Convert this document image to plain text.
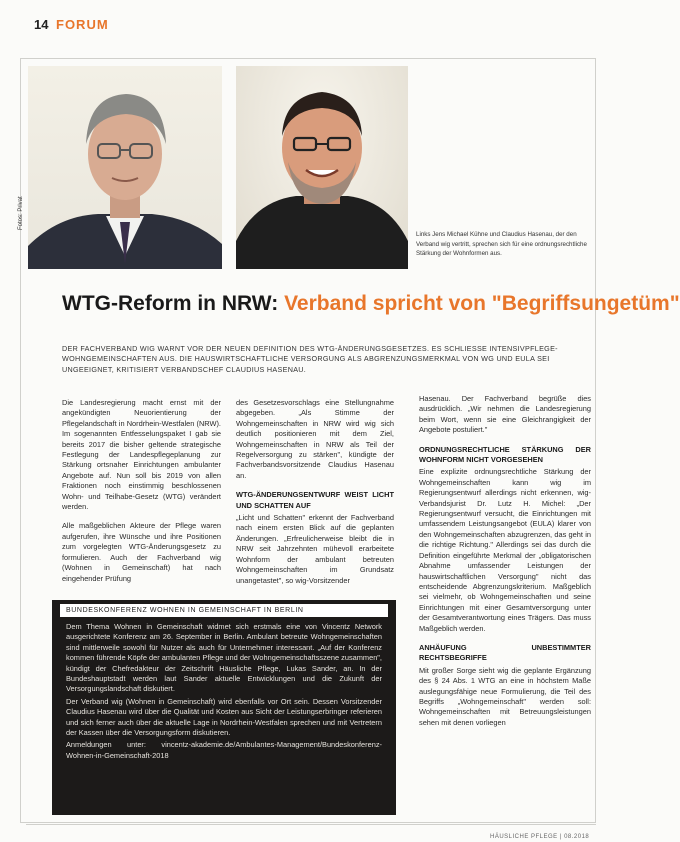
14 FORUM
Fotos: Privat
Links Jens Michael Kühne und Claudius Hasenau, der den Verband wig vertritt, sprechen sich für eine ordnungsrechtliche Stärkung der Wohnformen aus.
WTG-Reform in NRW: Verband spricht von "Begriffsungetüm"
DER FACHVERBAND WIG WARNT VOR DER NEUEN DEFINITION DES WTG-ÄNDERUNGSGESETZES. ES SCHLIESSE INTENSIVPFLEGE-WOHNGEMEINSCHAFTEN AUS. DIE HAUSWIRTSCHAFTLICHE VERSORGUNG ALS ABGRENZUNGSMERKMAL VON WG UND EULA SEI UNGEEIGNET, KRITISIERT VERBANDSCHEF CLAUDIUS HASENAU.

Die Landesregierung macht ernst mit der angekündigten Neuorientierung der Pflegelandschaft in Nordrhein-Westfalen (NRW). Im sogenannten Entfesselungspaket I gab sie bereits 2017 die bisher geltende strategische Festlegung der Landespflegeplanung zur Stärkung ortsnaher Einrichtungen ambulanter Angebote auf. Nun soll bis 2019 von allen Fraktionen noch einstimmig beschlossenen Wohn- und Teilhabe-Gesetz (WTG) verändert werden.

Alle maßgeblichen Akteure der Pflege waren aufgerufen, ihre Wünsche und ihre Positionen zum vorgelegten WTG-Änderungsgesetz zu formulieren. Auch der Fachverband wig (Wohnen in Gemeinschaft) hat nach eingehender Prüfung

des Gesetzesvorschlags eine Stellungnahme abgegeben. „Als Stimme der Wohngemeinschaften in NRW wird wig sich deutlich positionieren mit dem Ziel, Wohngemeinschaften in NRW als Teil der Regelversorgung zu stärken", kündigte der Fachverbandsvorsitzende Claudius Hasenau an.

WTG-ÄNDERUNGSENTWURF WEIST LICHT UND SCHATTEN AUF

„Licht und Schatten" erkennt der Fachverband nach einem ersten Blick auf die geplanten Änderungen. „Erfreulicherweise bleibt die in NRW seit Jahrzehnten mühevoll erarbeitete Wohnform der ambulant betreuten Wohngemeinschaften im Grundsatz unangetastet", so wig-Vorsitzender

Hasenau. Der Fachverband begrüße dies ausdrücklich. „Wir nehmen die Landesregierung beim Wort, wenn sie eine Gleichrangigkeit der Angebote postuliert."

ORDNUNGSRECHTLICHE STÄRKUNG DER WOHNFORM NICHT VORGESEHEN

Eine explizite ordnungsrechtliche Stärkung der Wohngemeinschaften kann wig im Regierungsentwurf allerdings nicht erkennen, wig-Verbandsjurist Dr. Lutz H. Michel: „Der Regierungsentwurf versucht, die Einrichtungen mit umfassendem Leistungsangebot (EULA) klarer von den Wohngemeinschaften abzugrenzen, das geht in die richtige Richtung." Allerdings sei das durch die Definition eingeführte Merkmal der „obligatorischen Abnahme umfassender Leistungen der hauswirtschaftlichen Versorgung" nicht das entscheidende Abgrenzungskriterium. Maßgeblich sei vielmehr, ob Wohngemeinschaften und seine Einrichtungen mit einer Gesamtversorgung unter der Gesamtverantwortung eines Trägers. Das muss Maßgeblich werden.

ANHÄUFUNG UNBESTIMMTER RECHTSBEGRIFFE

Mit großer Sorge sieht wig die geplante Ergänzung des § 24 Abs. 1 WTG an eine in höchstem Maße auslegungsfähige neue Formulierung, die Teil des Begriffs „Wohngemeinschaft" werden soll: Wohngemeinschaften mit Betreuungsleistungen sehen mit denen vorliegen

BUNDESKONFERENZ WOHNEN IN GEMEINSCHAFT IN BERLIN

Dem Thema Wohnen in Gemeinschaft widmet sich erstmals eine von Vincentz Network ausgerichtete Konferenz am 26. September in Berlin. Ambulant betreute Wohngemeinschaften sind mittlerweile sowohl für Nutzer als auch für Unternehmer interessant. „Auf der Konferenz kommen führende Köpfe der ambulanten Pflege und der Wohngemeinschaftsszene zusammen", kündigt der Chefredakteur der Zeitschrift Häusliche Pflege, Lukas Sander, an. In der Bundeshauptstadt werden laut Sander aktuelle Entwicklungen und die Zukunft der Versorgungslandschaft diskutiert.

Der Verband wig (Wohnen in Gemeinschaft) wird ebenfalls vor Ort sein. Dessen Vorsitzender Claudius Hasenau wird über die Qualität und Kosten aus Sicht der Leistungserbringer referieren und sich ferner auch über die aktuelle Lage in Nordrhein-Westfalen sprechen und mit Vertretern der Kassen über die Versorgungsform diskutieren.

Anmeldungen unter: vincentz-akademie.de/Ambulantes-Management/Bundeskonferenz-Wohnen-in-Gemeinschaft-2018

HÄUSLICHE PFLEGE | 08.2018
